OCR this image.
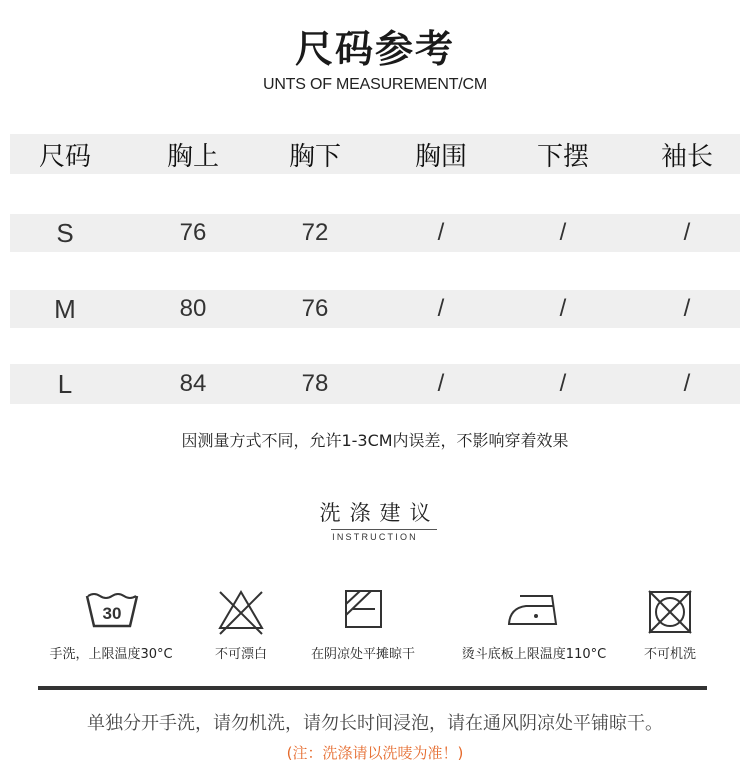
尺码参考
UNTS OF MEASUREMENT/CM
尺码	胸上	胸下	胸围	下摆	袖长
S	76	72	/	/	/
M	80	76	/	/	/
L	84	78	/	/	/
因测量方式不同，允许1-3CM内误差，不影响穿着效果
洗涤建议
INSTRUCTION
30
手洗，上限温度30°C	不可漂白	在阴凉处平摊晾干	烫斗底板上限温度110°C	不可机洗
单独分开手洗，请勿机洗，请勿长时间浸泡，请在通风阴凉处平铺晾干。
(注：洗涤请以洗唛为准！)
